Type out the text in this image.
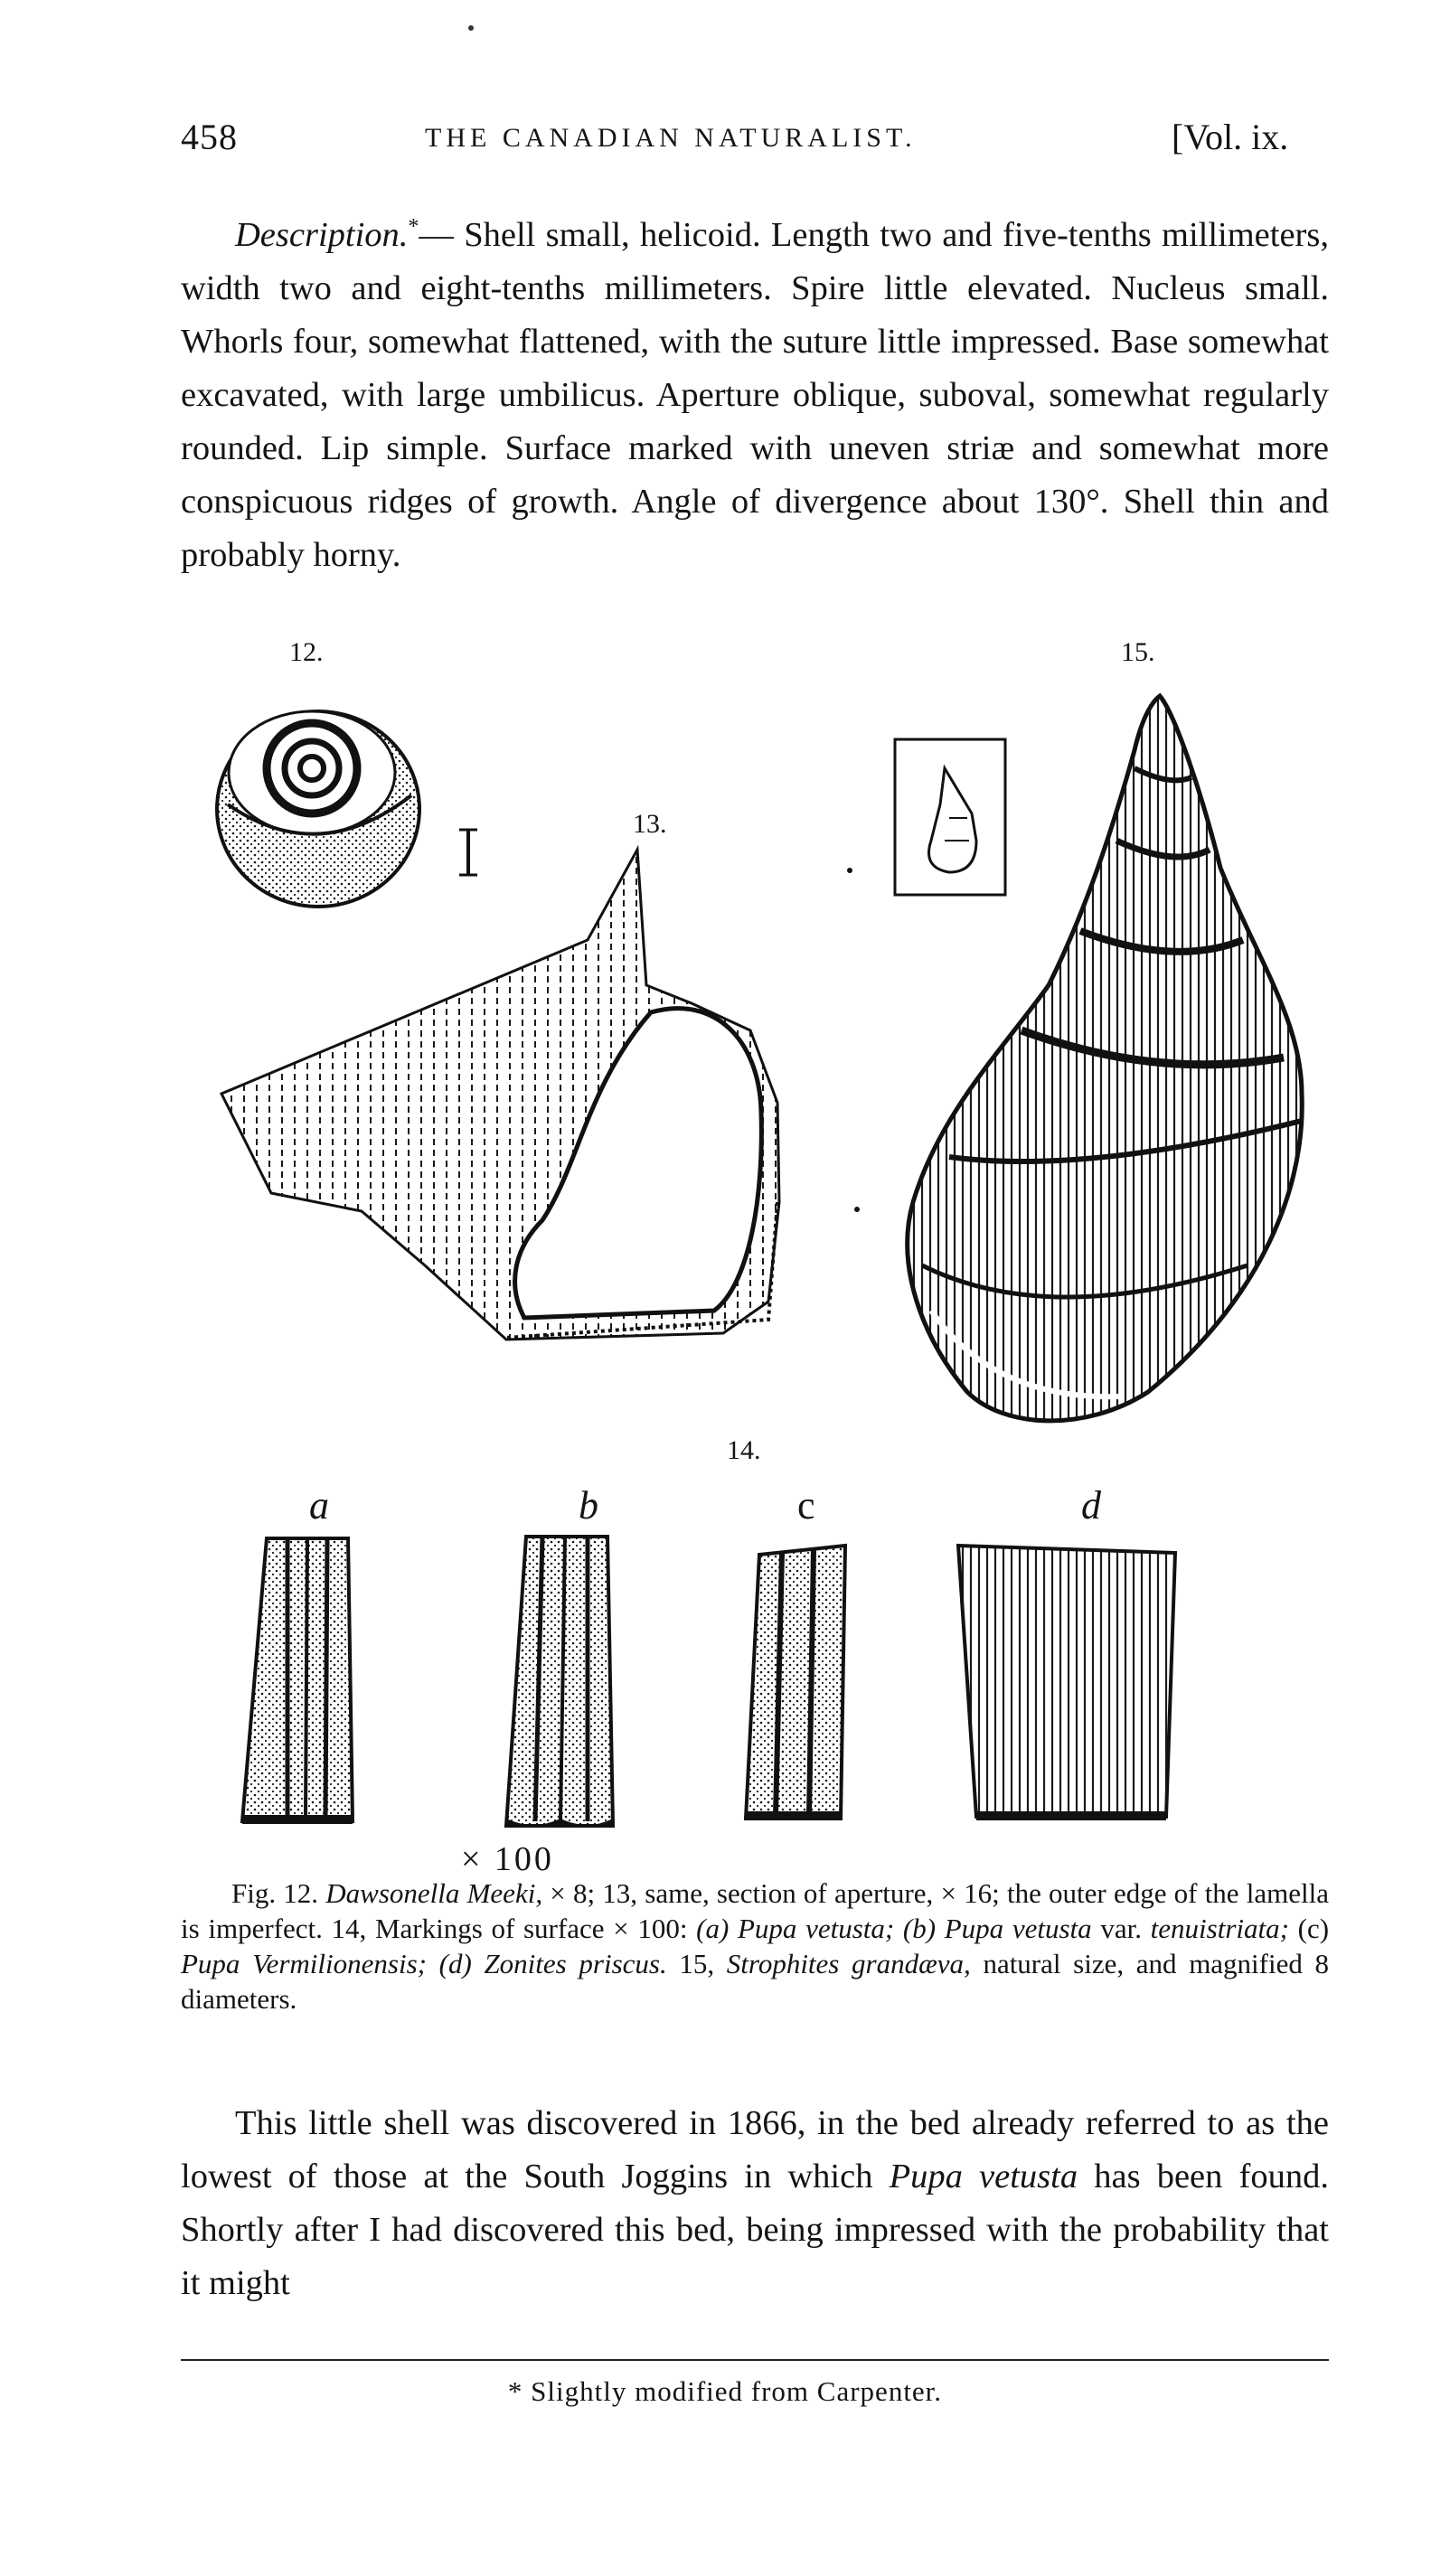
458	THE CANADIAN NATURALIST.	[Vol. ix.

Description.*— Shell small, helicoid. Length two and five-tenths millimeters, width two and eight-tenths millimeters. Spire little elevated. Nucleus small. Whorls four, somewhat flattened, with the suture little impressed. Base somewhat excavated, with large umbilicus. Aperture oblique, suboval, somewhat regularly rounded. Lip simple. Surface marked with uneven striæ and somewhat more conspicuous ridges of growth. Angle of divergence about 130°. Shell thin and probably horny.

12.	15.
13.
14.
a	b	c	d
× 100

Fig. 12. Dawsonella Meeki, × 8; 13, same, section of aperture, × 16; the outer edge of the lamella is imperfect. 14, Markings of surface × 100: (a) Pupa vetusta; (b) Pupa vetusta var. tenuistriata; (c) Pupa Vermilionensis; (d) Zonites priscus. 15, Strophites grandæva, natural size, and magnified 8 diameters.

This little shell was discovered in 1866, in the bed already referred to as the lowest of those at the South Joggins in which Pupa vetusta has been found. Shortly after I had discovered this bed, being impressed with the probability that it might

* Slightly modified from Carpenter.
